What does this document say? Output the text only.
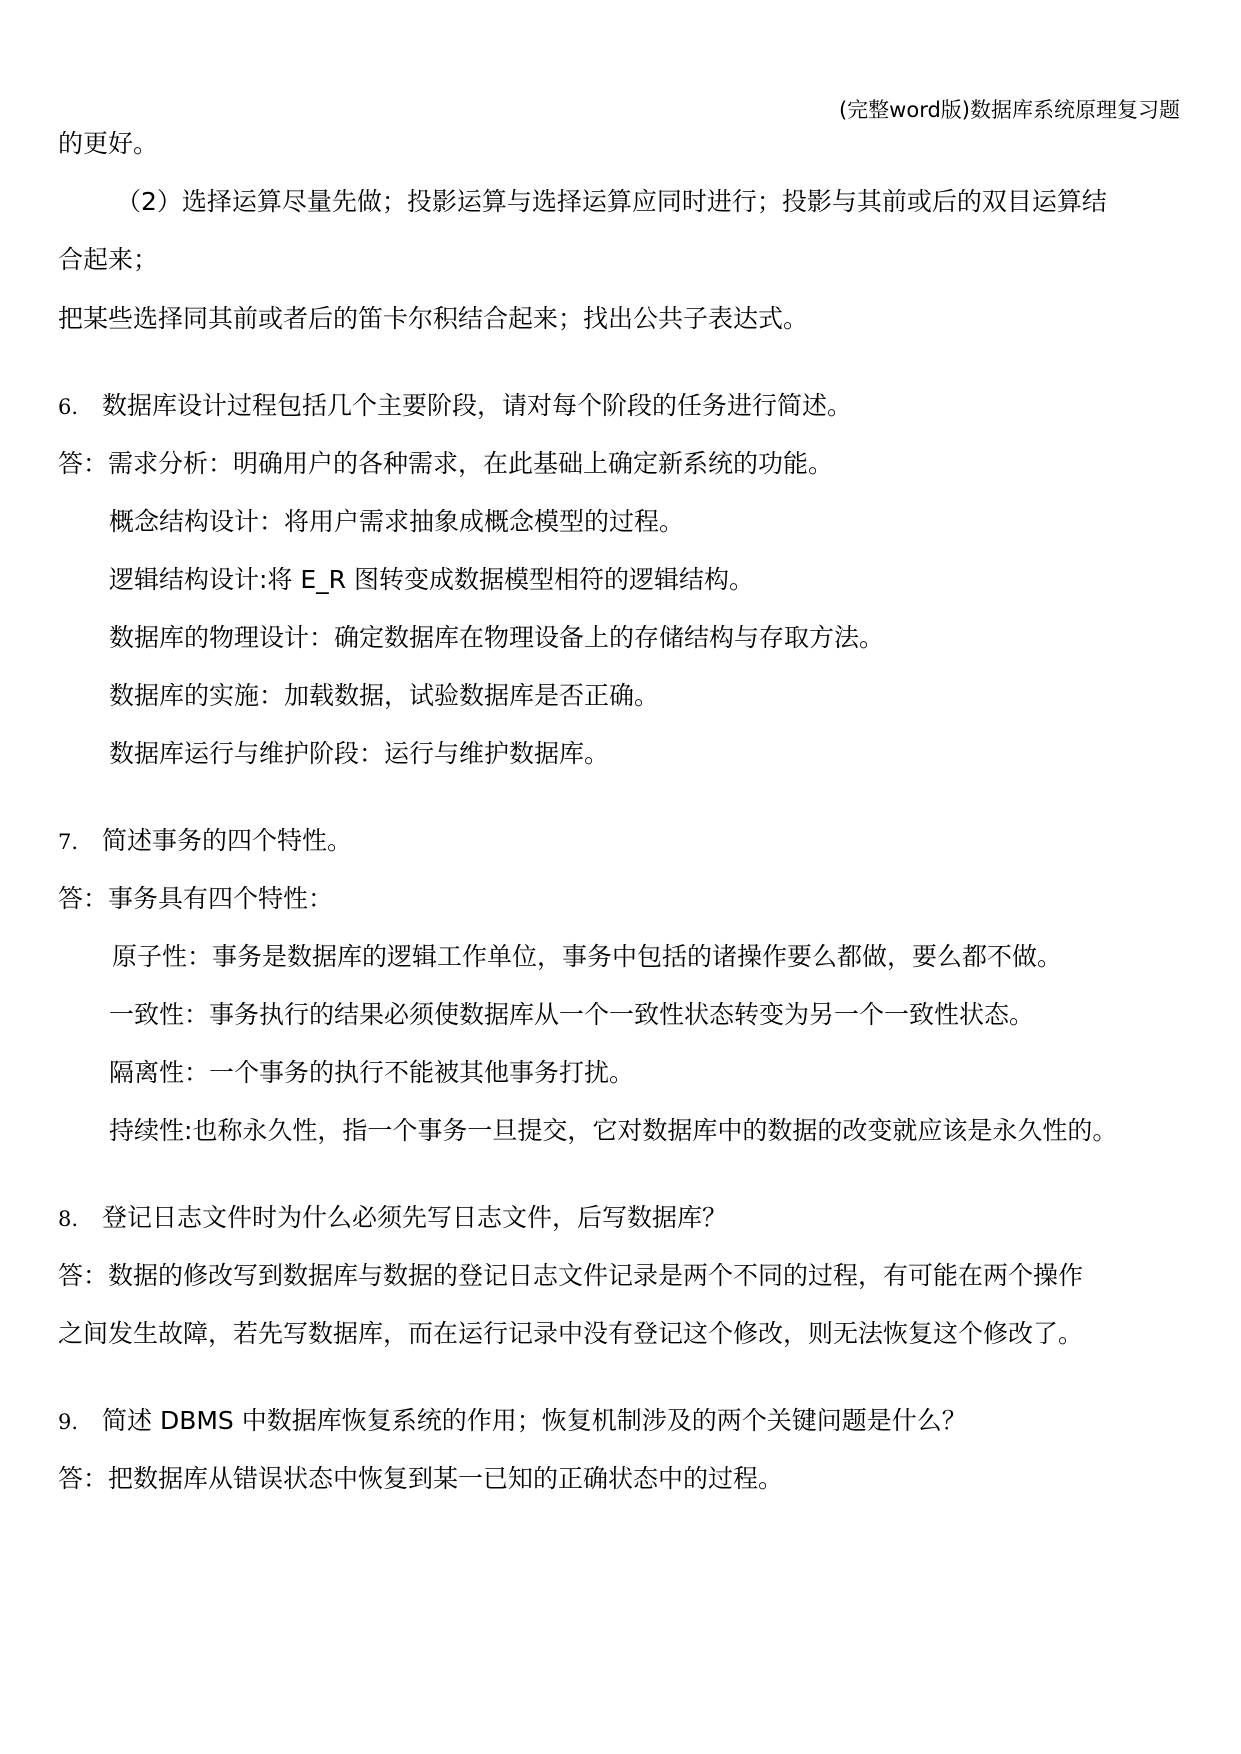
(完整word版)数据库系统原理复习题
的更好。
（2）选择运算尽量先做；投影运算与选择运算应同时进行；投影与其前或后的双目运算结
合起来；
把某些选择同其前或者后的笛卡尔积结合起来；找出公共子表达式。
6. 数据库设计过程包括几个主要阶段，请对每个阶段的任务进行简述。
答：需求分析：明确用户的各种需求，在此基础上确定新系统的功能。
概念结构设计：将用户需求抽象成概念模型的过程。
逻辑结构设计:将 E_R 图转变成数据模型相符的逻辑结构。
数据库的物理设计：确定数据库在物理设备上的存储结构与存取方法。
数据库的实施：加载数据，试验数据库是否正确。
数据库运行与维护阶段：运行与维护数据库。
7. 简述事务的四个特性。
答：事务具有四个特性：
原子性：事务是数据库的逻辑工作单位，事务中包括的诸操作要么都做，要么都不做。
一致性：事务执行的结果必须使数据库从一个一致性状态转变为另一个一致性状态。
隔离性：一个事务的执行不能被其他事务打扰。
持续性:也称永久性，指一个事务一旦提交，它对数据库中的数据的改变就应该是永久性的。
8. 登记日志文件时为什么必须先写日志文件，后写数据库？
答：数据的修改写到数据库与数据的登记日志文件记录是两个不同的过程，有可能在两个操作
之间发生故障，若先写数据库，而在运行记录中没有登记这个修改，则无法恢复这个修改了。
9. 简述 DBMS 中数据库恢复系统的作用；恢复机制涉及的两个关键问题是什么？
答：把数据库从错误状态中恢复到某一已知的正确状态中的过程。
